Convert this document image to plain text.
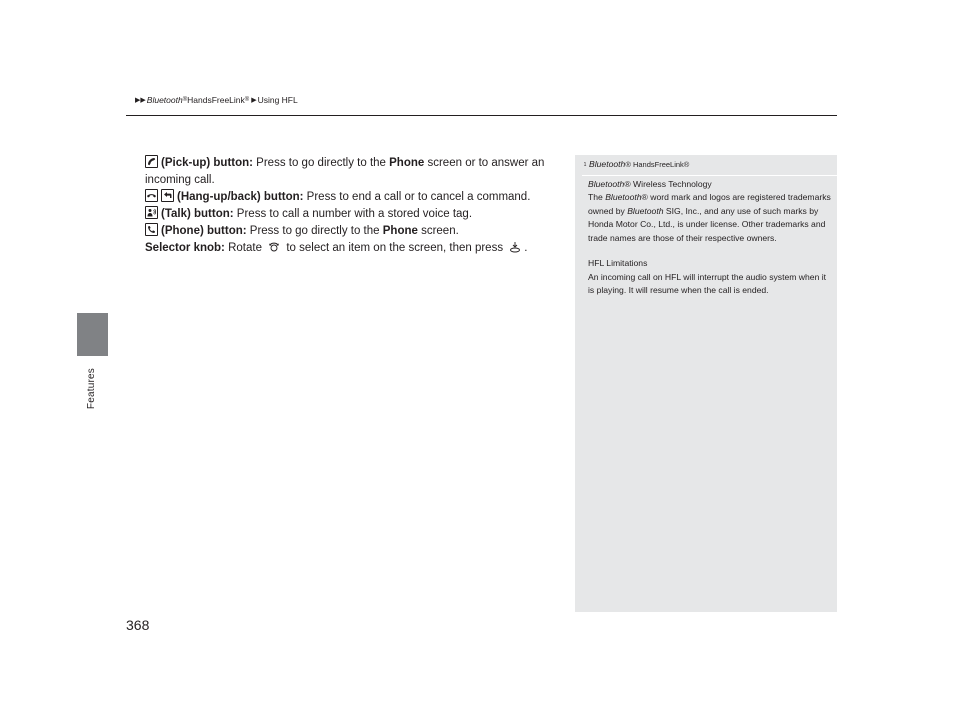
Features
▶▶ Bluetooth ® HandsFreeLink ® ▶ Using HFL

(Pick-up) button: Press to go directly to the Phone screen or to answer an incoming call.

(Hang-up/back) button: Press to end a call or to cancel a command.

(Talk) button: Press to call a number with a stored voice tag.

(Phone) button: Press to go directly to the Phone screen.

Selector knob: Rotate  to select an item on the screen, then press .

1 Bluetooth ® HandsFreeLink®

Bluetooth® Wireless Technology

The Bluetooth® word mark and logos are registered trademarks owned by Bluetooth SIG, Inc., and any use of such marks by Honda Motor Co., Ltd., is under license. Other trademarks and trade names are those of their respective owners.

HFL Limitations

An incoming call on HFL will interrupt the audio system when it is playing. It will resume when the call is ended.

368
